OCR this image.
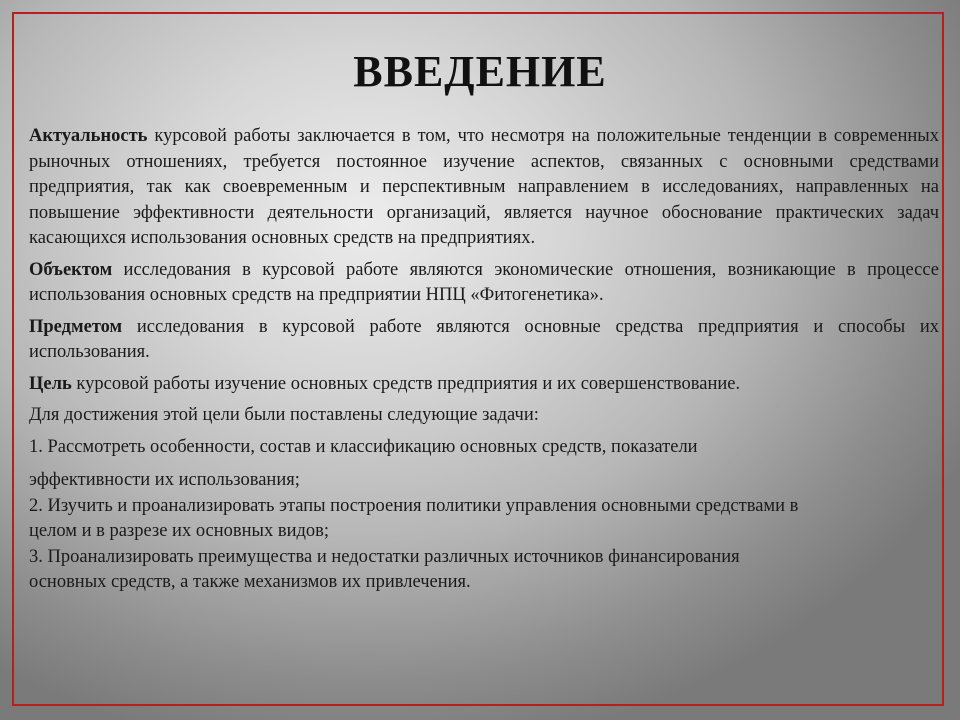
ВВЕДЕНИЕ

Актуальность курсовой работы заключается в том, что несмотря на положительные тенденции в современных рыночных отношениях, требуется постоянное изучение аспектов, связанных с основными средствами предприятия, так как своевременным и перспективным направлением в исследованиях, направленных на повышение эффективности деятельности организаций, является научное обоснование практических задач касающихся использования основных средств на предприятиях.

Объектом исследования в курсовой работе являются экономические отношения, возникающие в процессе использования основных средств на предприятии НПЦ «Фитогенетика».

Предметом исследования в курсовой работе являются основные средства предприятия и способы их использования.

Цель курсовой работы изучение основных средств предприятия и их совершенствование.

Для достижения этой цели были поставлены следующие задачи:

1. Рассмотреть особенности, состав и классификацию основных средств, показатели
эффективности их использования;
2. Изучить и проанализировать этапы построения политики управления основными средствами в
целом и в разрезе их основных видов;
3. Проанализировать преимущества и недостатки различных источников финансирования
основных средств, а также механизмов их привлечения.
